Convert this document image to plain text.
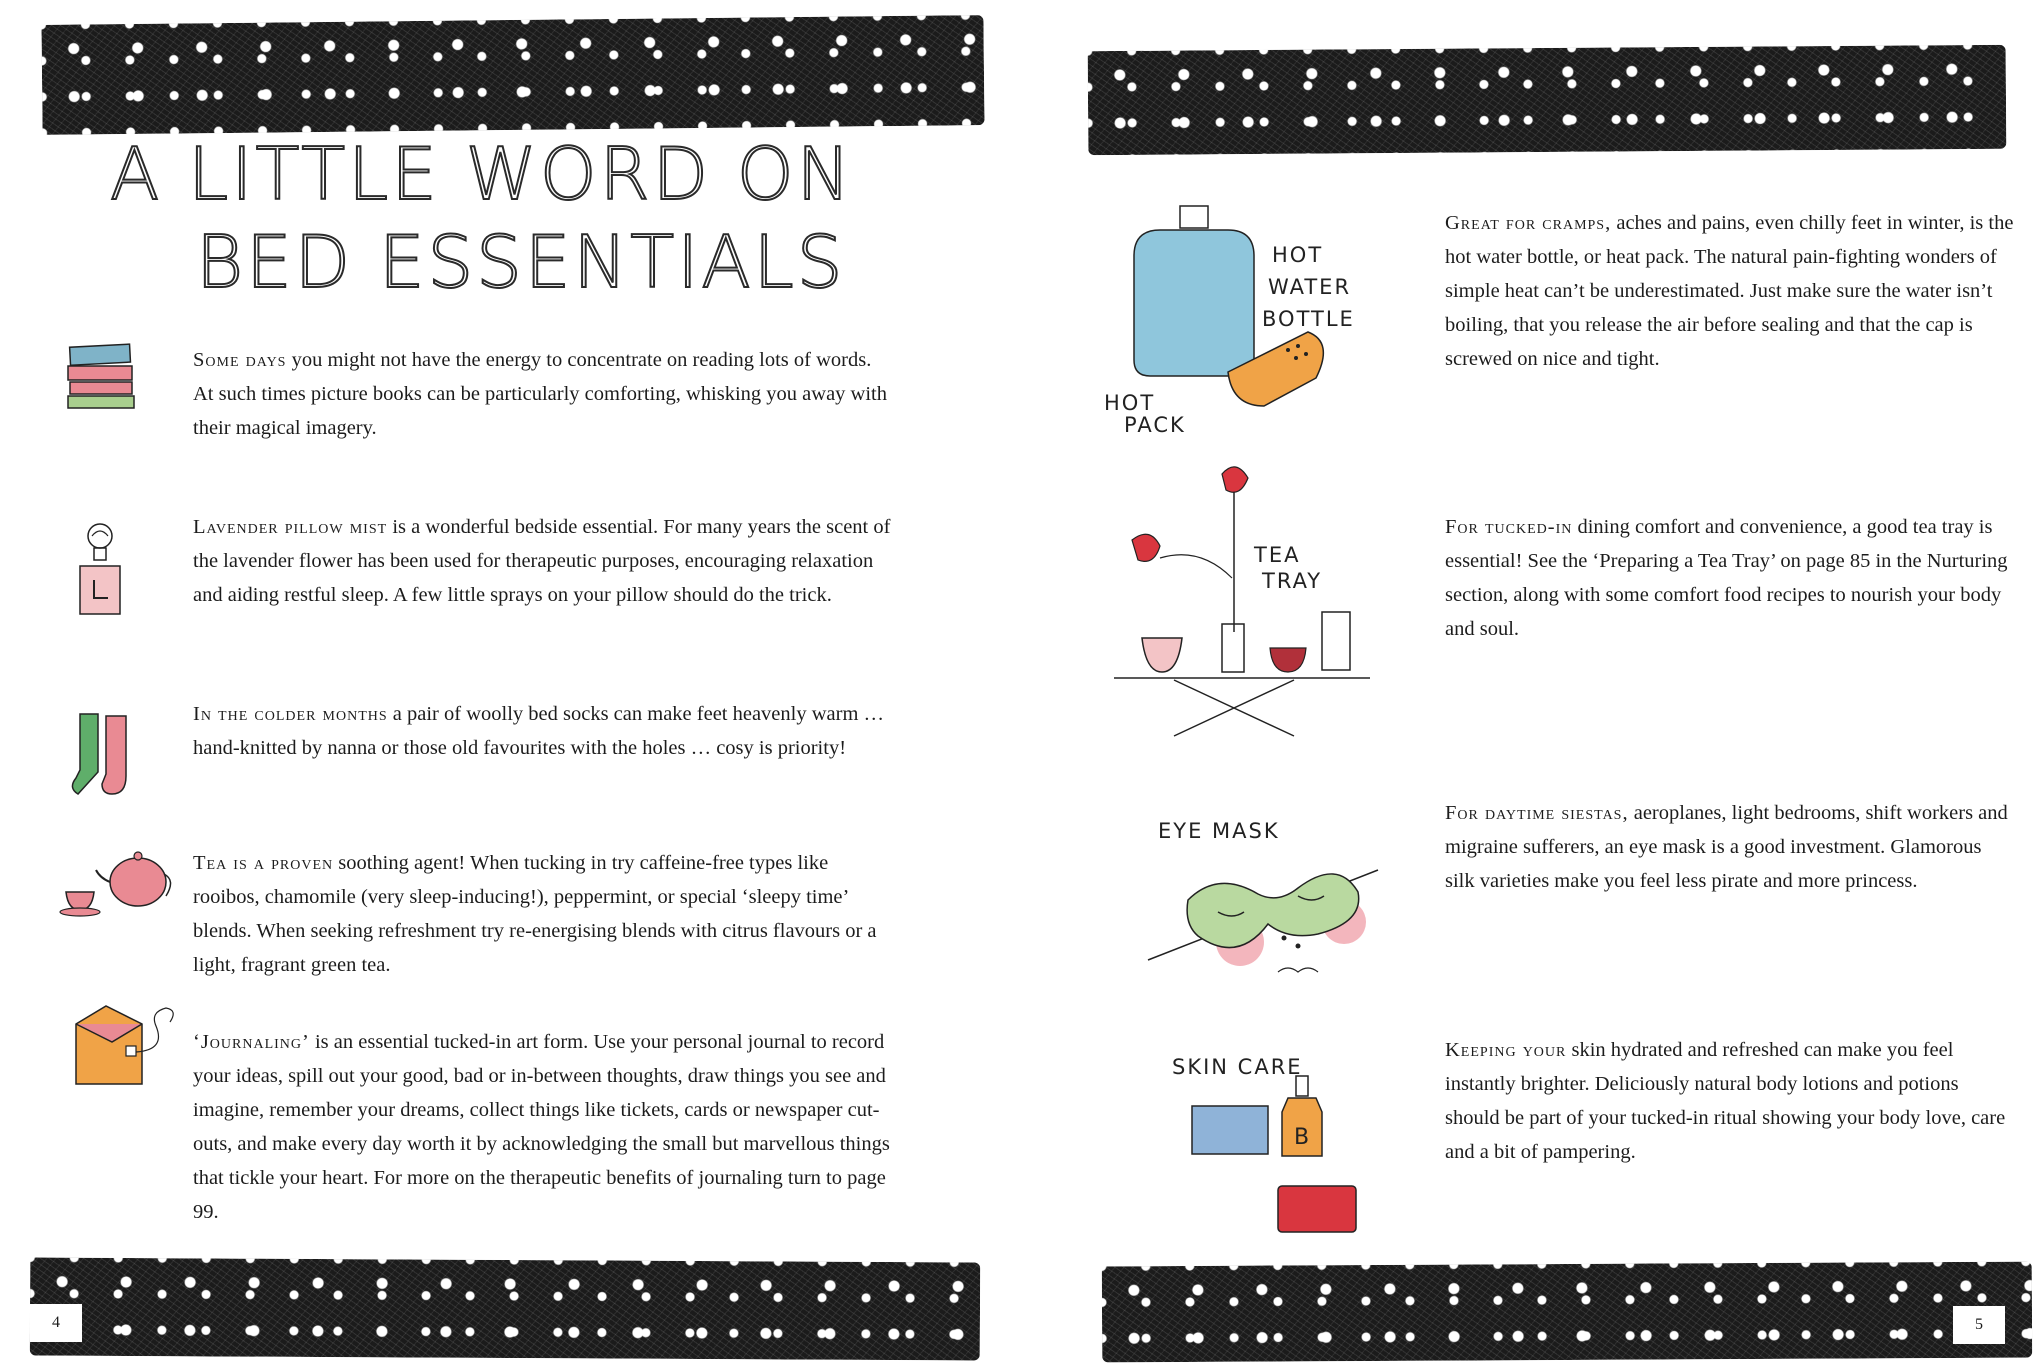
A LITTLE WORD ON
BED ESSENTIALS

Some days you might not have the energy to concentrate on reading lots of words. At such times picture books can be particularly comforting, whisking you away with their magical imagery.

Lavender pillow mist is a wonderful bedside essential. For many years the scent of the lavender flower has been used for therapeutic purposes, encouraging relaxation and aiding restful sleep. A few little sprays on your pillow should do the trick.

In the colder months a pair of woolly bed socks can make feet heavenly warm … hand-knitted by nanna or those old favourites with the holes … cosy is priority!

Tea is a proven soothing agent! When tucking in try caffeine-free types like rooibos, chamomile (very sleep-inducing!), peppermint, or special ‘sleepy time’ blends. When seeking refreshment try re-energising blends with citrus flavours or a light, fragrant green tea.

‘Journaling’ is an essential tucked-in art form. Use your personal journal to record your ideas, spill out your good, bad or in-between thoughts, draw things you see and imagine, remember your dreams, collect things like tickets, cards or newspaper cut-outs, and make every day worth it by acknowledging the small but marvellous things that tickle your heart. For more on the therapeutic benefits of journaling turn to page 99.

4
HOT
WATER
BOTTLE
HOT
PACK

Great for cramps, aches and pains, even chilly feet in winter, is the hot water bottle, or heat pack. The natural pain-fighting wonders of simple heat can’t be underestimated. Just make sure the water isn’t boiling, that you release the air before sealing and that the cap is screwed on nice and tight.

TEA
TRAY

For tucked-in dining comfort and convenience, a good tea tray is essential! See the ‘Preparing a Tea Tray’ on page 85 in the Nurturing section, along with some comfort food recipes to nourish your body and soul.

EYE MASK

For daytime siestas, aeroplanes, light bedrooms, shift workers and migraine sufferers, an eye mask is a good investment. Glamorous silk varieties make you feel less pirate and more princess.

SKIN CARE
B

Keeping your skin hydrated and refreshed can make you feel instantly brighter. Deliciously natural body lotions and potions should be part of your tucked-in ritual showing your body love, care and a bit of pampering.

5
